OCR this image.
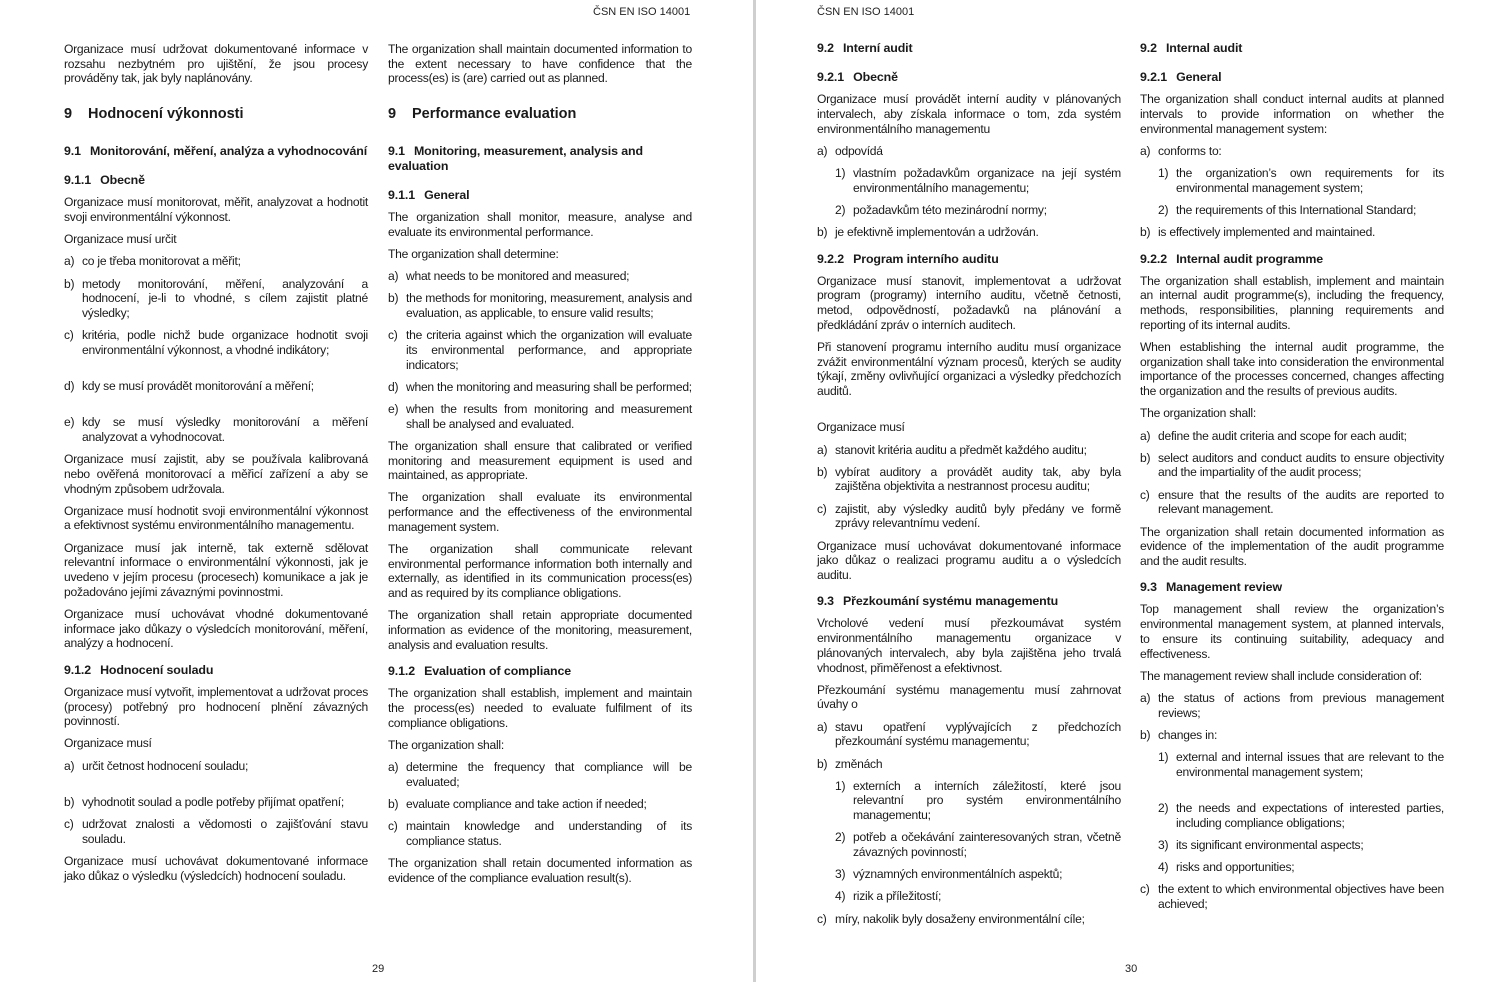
ČSN EN ISO 14001

Organizace musí udržovat dokumentované informace v rozsahu nezbytném pro ujištění, že jsou procesy prováděny tak, jak byly naplánovány.

9 Hodnocení výkonnosti
9.1 Monitorování, měření, analýza a vyhodnocování
9.1.1 Obecně

Organizace musí monitorovat, měřit, analyzovat a hodnotit svoji environmentální výkonnost.

Organizace musí určit

a) co je třeba monitorovat a měřit;
b) metody monitorování, měření, analyzování a hodnocení, je-li to vhodné, s cílem zajistit platné výsledky;
c) kritéria, podle nichž bude organizace hodnotit svoji environmentální výkonnost, a vhodné indikátory;
d) kdy se musí provádět monitorování a měření;
e) kdy se musí výsledky monitorování a měření analyzovat a vyhodnocovat.

Organizace musí zajistit, aby se používala kalibrovaná nebo ověřená monitorovací a měřicí zařízení a aby se vhodným způsobem udržovala.

Organizace musí hodnotit svoji environmentální výkonnost a efektivnost systému environmentálního managementu.

Organizace musí jak interně, tak externě sdělovat relevantní informace o environmentální výkonnosti, jak je uvedeno v jejím procesu (procesech) komunikace a jak je požadováno jejími závaznými povinnostmi.

Organizace musí uchovávat vhodné dokumentované informace jako důkazy o výsledcích monitorování, měření, analýzy a hodnocení.

9.1.2 Hodnocení souladu

Organizace musí vytvořit, implementovat a udržovat proces (procesy) potřebný pro hodnocení plnění závazných povinností.

Organizace musí

a) určit četnost hodnocení souladu;
b) vyhodnotit soulad a podle potřeby přijímat opatření;
c) udržovat znalosti a vědomosti o zajišťování stavu souladu.

Organizace musí uchovávat dokumentované informace jako důkaz o výsledku (výsledcích) hodnocení souladu.

The organization shall maintain documented information to the extent necessary to have confidence that the process(es) is (are) carried out as planned.

9 Performance evaluation
9.1 Monitoring, measurement, analysis and evaluation
9.1.1 General

The organization shall monitor, measure, analyse and evaluate its environmental performance.

The organization shall determine:

a) what needs to be monitored and measured;
b) the methods for monitoring, measurement, analysis and evaluation, as applicable, to ensure valid results;
c) the criteria against which the organization will evaluate its environmental performance, and appropriate indicators;
d) when the monitoring and measuring shall be performed;
e) when the results from monitoring and measurement shall be analysed and evaluated.

The organization shall ensure that calibrated or verified monitoring and measurement equipment is used and maintained, as appropriate.

The organization shall evaluate its environmental performance and the effectiveness of the environmental management system.

The organization shall communicate relevant environmental performance information both internally and externally, as identified in its communication process(es) and as required by its compliance obligations.

The organization shall retain appropriate documented information as evidence of the monitoring, measurement, analysis and evaluation results.

9.1.2 Evaluation of compliance

The organization shall establish, implement and maintain the process(es) needed to evaluate fulfilment of its compliance obligations.

The organization shall:

a) determine the frequency that compliance will be evaluated;
b) evaluate compliance and take action if needed;
c) maintain knowledge and understanding of its compliance status.

The organization shall retain documented information as evidence of the compliance evaluation result(s).

29
ČSN EN ISO 14001
9.2 Interní audit
9.2.1 Obecně

Organizace musí provádět interní audity v plánovaných intervalech, aby získala informace o tom, zda systém environmentálního managementu

a) odpovídá
1) vlastním požadavkům organizace na její systém environmentálního managementu;
2) požadavkům této mezinárodní normy;
b) je efektivně implementován a udržován.
9.2.2 Program interního auditu

Organizace musí stanovit, implementovat a udržovat program (programy) interního auditu, včetně četnosti, metod, odpovědností, požadavků na plánování a předkládání zpráv o interních auditech.

Při stanovení programu interního auditu musí organizace zvážit environmentální význam procesů, kterých se audity týkají, změny ovlivňující organizaci a výsledky předchozích auditů.

Organizace musí

a) stanovit kritéria auditu a předmět každého auditu;
b) vybírat auditory a provádět audity tak, aby byla zajištěna objektivita a nestrannost procesu auditu;
c) zajistit, aby výsledky auditů byly předány ve formě zprávy relevantnímu vedení.

Organizace musí uchovávat dokumentované informace jako důkaz o realizaci programu auditu a o výsledcích auditu.

9.3 Přezkoumání systému managementu

Vrcholové vedení musí přezkoumávat systém environmentálního managementu organizace v plánovaných intervalech, aby byla zajištěna jeho trvalá vhodnost, přiměřenost a efektivnost.

Přezkoumání systému managementu musí zahrnovat úvahy o

a) stavu opatření vyplývajících z předchozích přezkoumání systému managementu;
b) změnách
1) externích a interních záležitostí, které jsou relevantní pro systém environmentálního managementu;
2) potřeb a očekávání zainteresovaných stran, včetně závazných povinností;
3) významných environmentálních aspektů;
4) rizik a příležitostí;
c) míry, nakolik byly dosaženy environmentální cíle;
9.2 Internal audit
9.2.1 General

The organization shall conduct internal audits at planned intervals to provide information on whether the environmental management system:

a) conforms to:
1) the organization’s own requirements for its environmental management system;
2) the requirements of this International Standard;
b) is effectively implemented and maintained.
9.2.2 Internal audit programme

The organization shall establish, implement and maintain an internal audit programme(s), including the frequency, methods, responsibilities, planning requirements and reporting of its internal audits.

When establishing the internal audit programme, the organization shall take into consideration the environmental importance of the processes concerned, changes affecting the organization and the results of previous audits.

The organization shall:

a) define the audit criteria and scope for each audit;
b) select auditors and conduct audits to ensure objectivity and the impartiality of the audit process;
c) ensure that the results of the audits are reported to relevant management.

The organization shall retain documented information as evidence of the implementation of the audit programme and the audit results.

9.3 Management review

Top management shall review the organization’s environmental management system, at planned intervals, to ensure its continuing suitability, adequacy and effectiveness.

The management review shall include consideration of:

a) the status of actions from previous management reviews;
b) changes in:
1) external and internal issues that are relevant to the environmental management system;
2) the needs and expectations of interested parties, including compliance obligations;
3) its significant environmental aspects;
4) risks and opportunities;
c) the extent to which environmental objectives have been achieved;
30
